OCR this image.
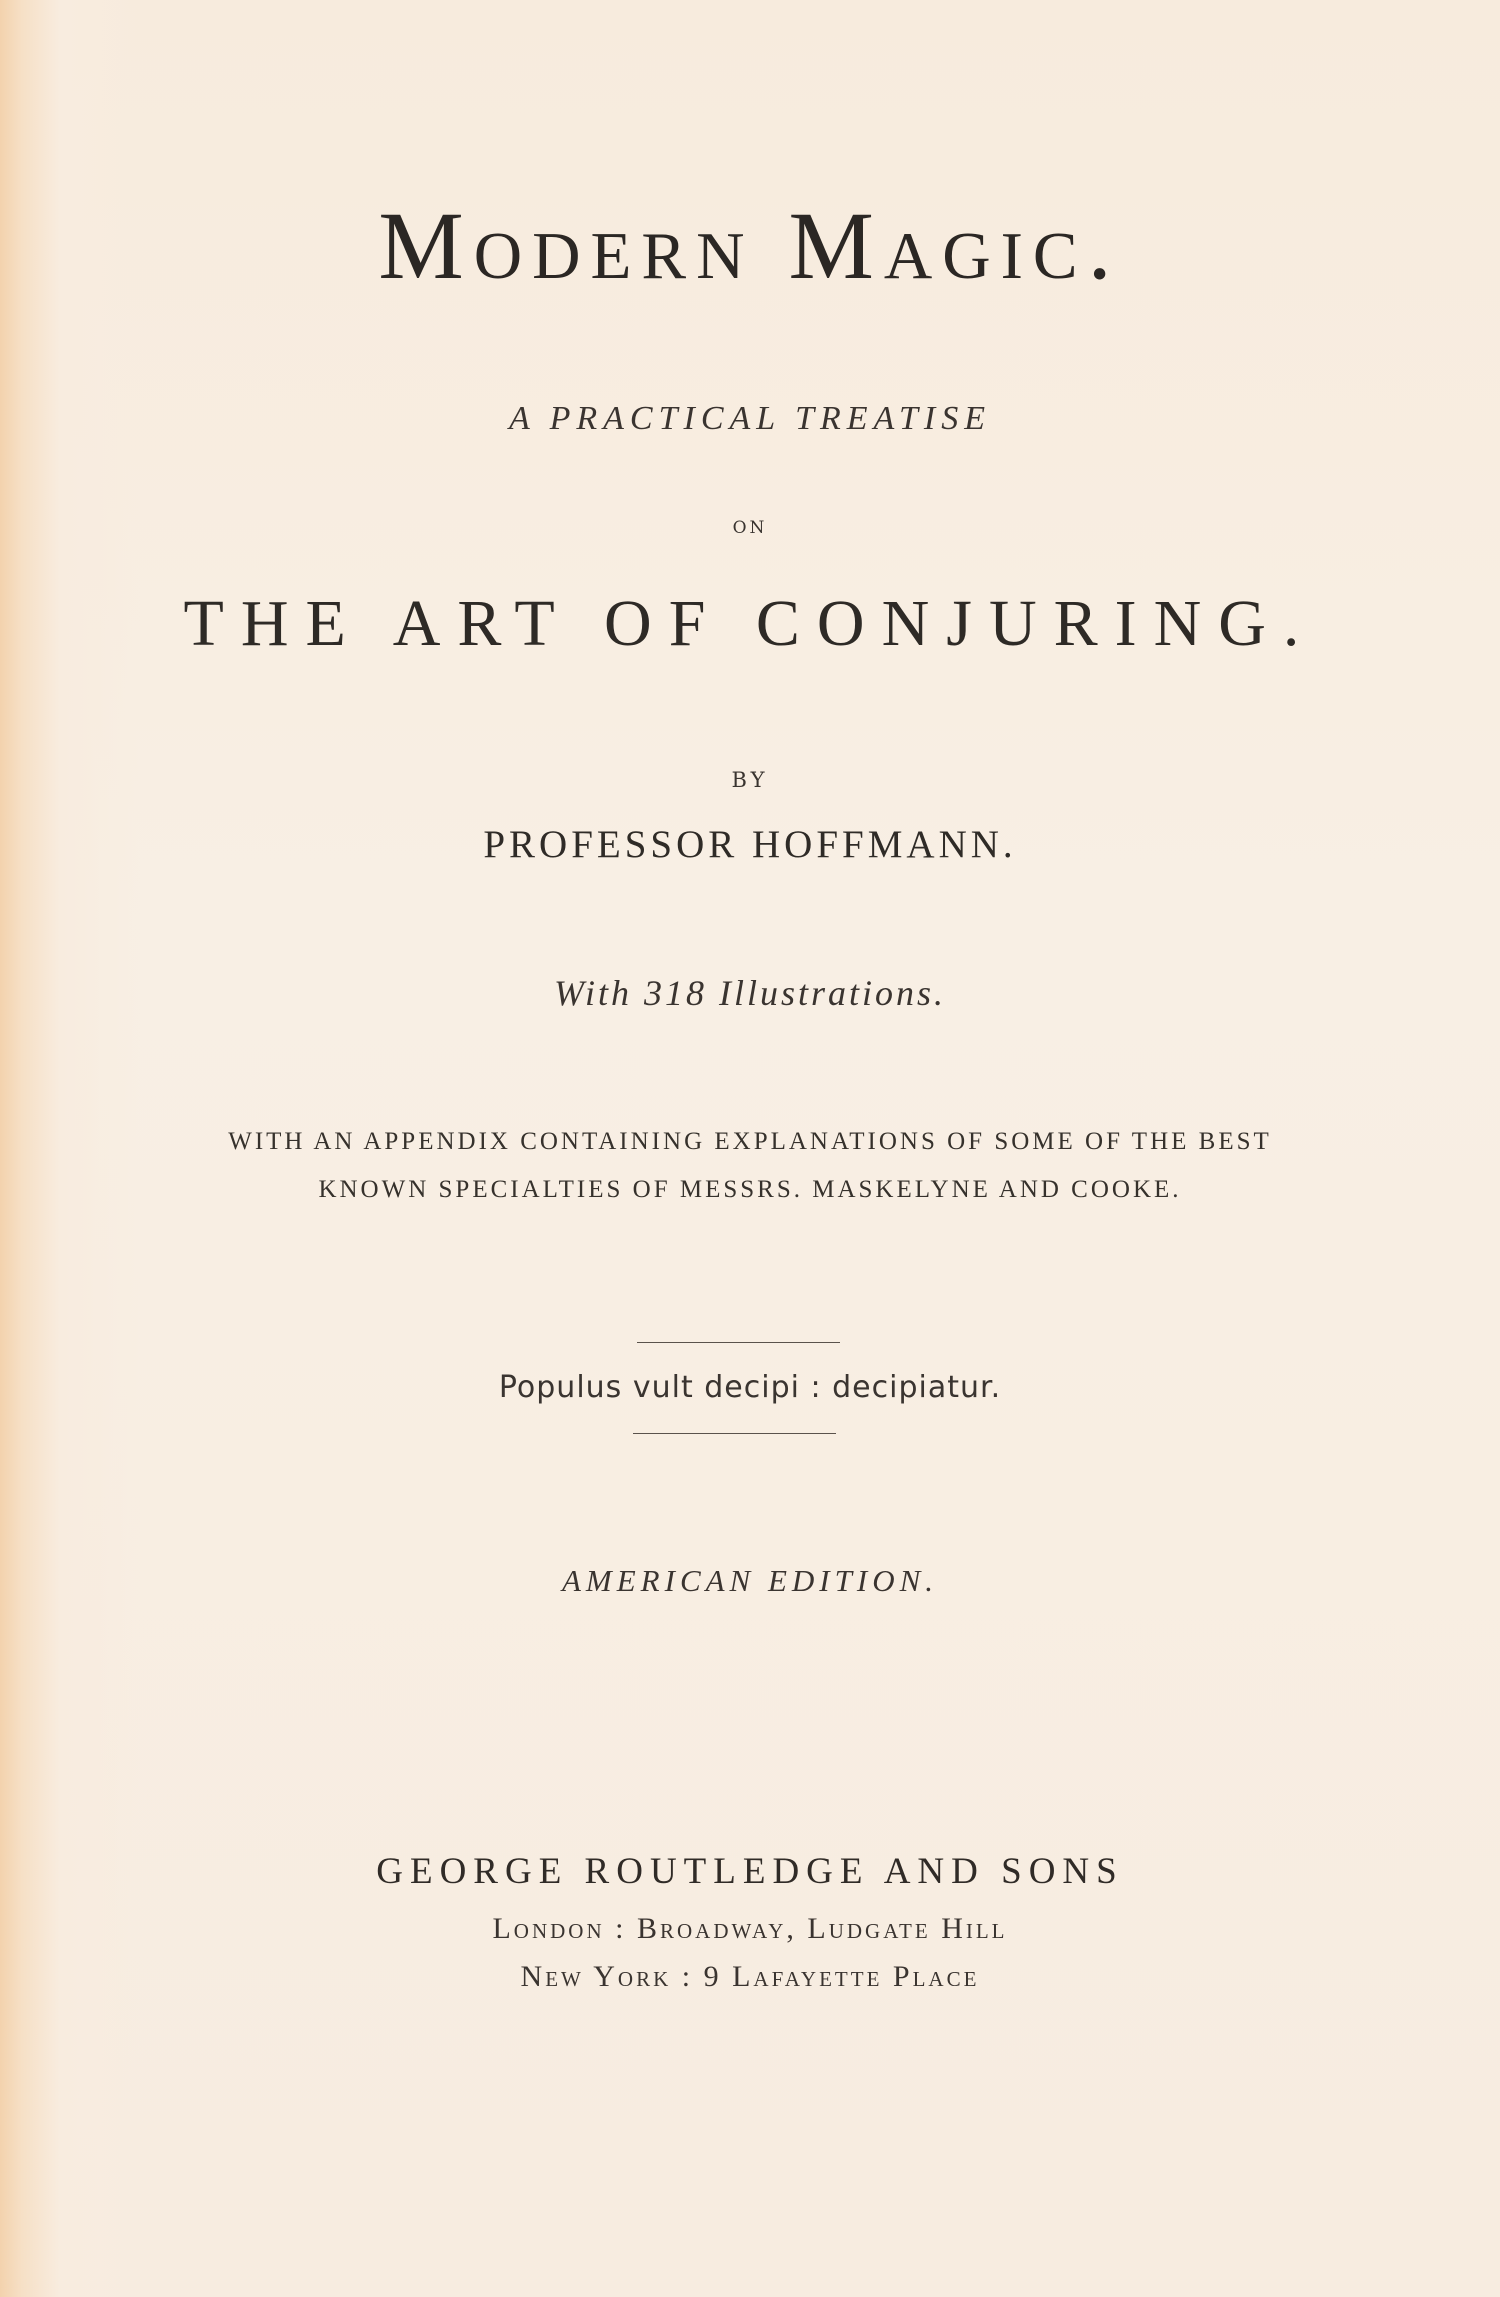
Modern Magic.
A PRACTICAL TREATISE
ON
THE ART OF CONJURING.
BY
PROFESSOR HOFFMANN.
With 318 Illustrations.
WITH AN APPENDIX CONTAINING EXPLANATIONS OF SOME OF THE BEST
KNOWN SPECIALTIES OF MESSRS. MASKELYNE AND COOKE.
Populus vult decipi : decipiatur.
AMERICAN EDITION.
GEORGE ROUTLEDGE AND SONS
London : Broadway, Ludgate Hill
New York : 9 Lafayette Place
